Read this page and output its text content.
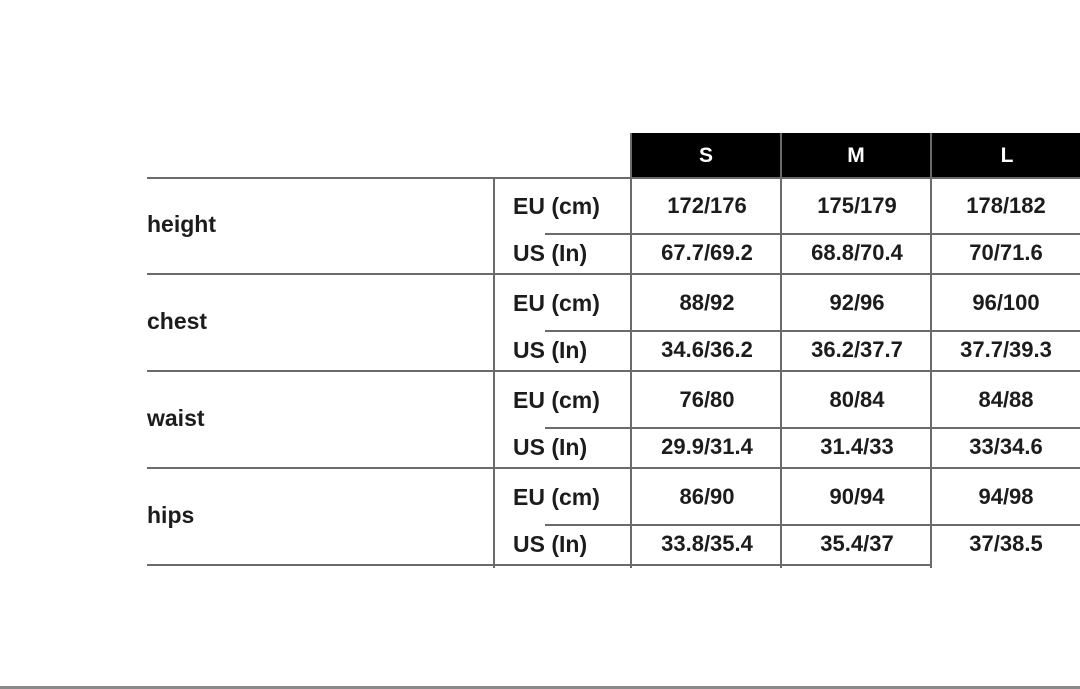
S	M	L
height
EU (cm)	172/176	175/179	178/182
US (In)	67.7/69.2	68.8/70.4	70/71.6
chest
EU (cm)	88/92	92/96	96/100
US (In)	34.6/36.2	36.2/37.7	37.7/39.3
waist
EU (cm)	76/80	80/84	84/88
US (In)	29.9/31.4	31.4/33	33/34.6
hips
EU (cm)	86/90	90/94	94/98
US (In)	33.8/35.4	35.4/37	37/38.5
